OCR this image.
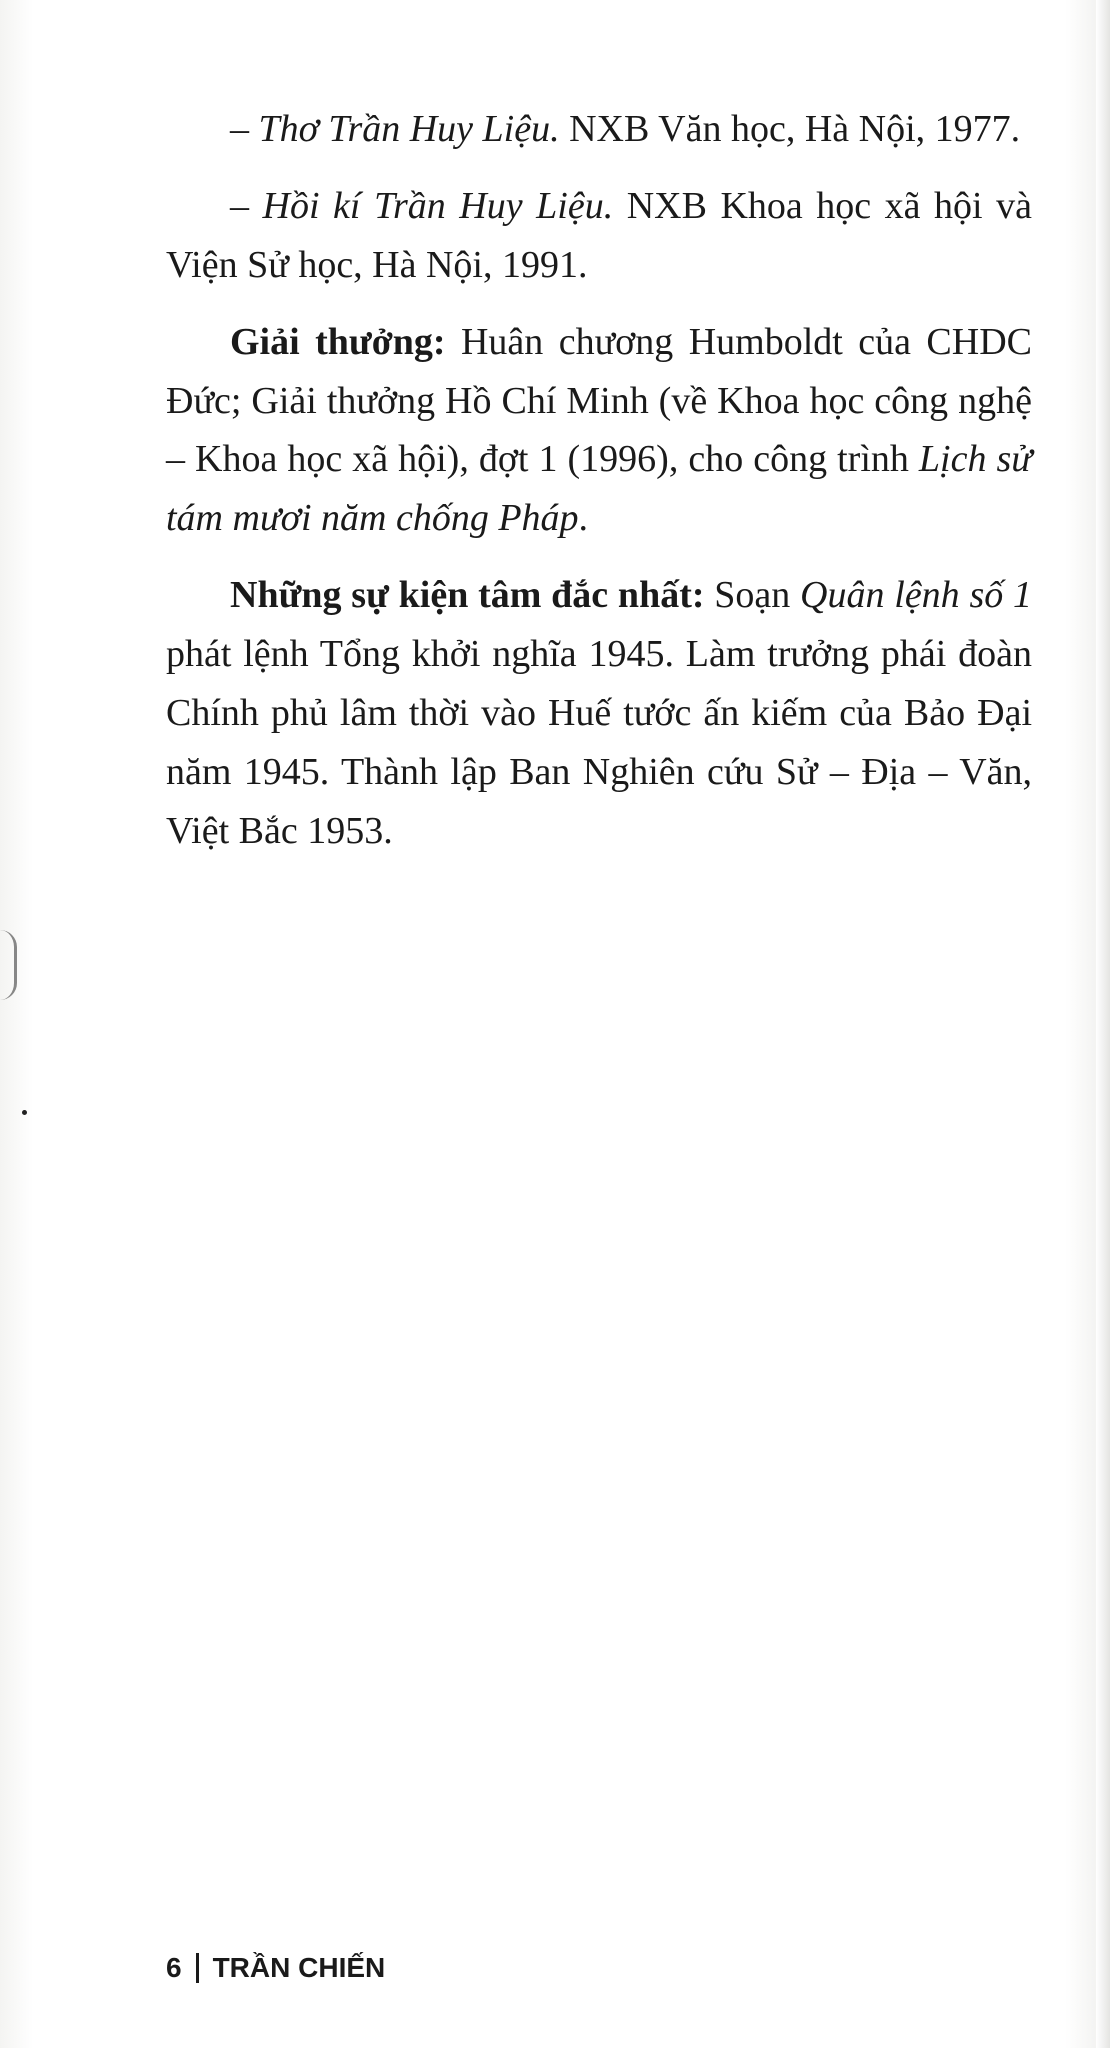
– Thơ Trần Huy Liệu. NXB Văn học, Hà Nội, 1977.

– Hồi kí Trần Huy Liệu. NXB Khoa học xã hội và Viện Sử học, Hà Nội, 1991.

Giải thưởng: Huân chương Humboldt của CHDC Đức; Giải thưởng Hồ Chí Minh (về Khoa học công nghệ – Khoa học xã hội), đợt 1 (1996), cho công trình Lịch sử tám mươi năm chống Pháp.

Những sự kiện tâm đắc nhất: Soạn Quân lệnh số 1 phát lệnh Tổng khởi nghĩa 1945. Làm trưởng phái đoàn Chính phủ lâm thời vào Huế tước ấn kiếm của Bảo Đại năm 1945. Thành lập Ban Nghiên cứu Sử – Địa – Văn, Việt Bắc 1953.

6 TRẦN CHIẾN
